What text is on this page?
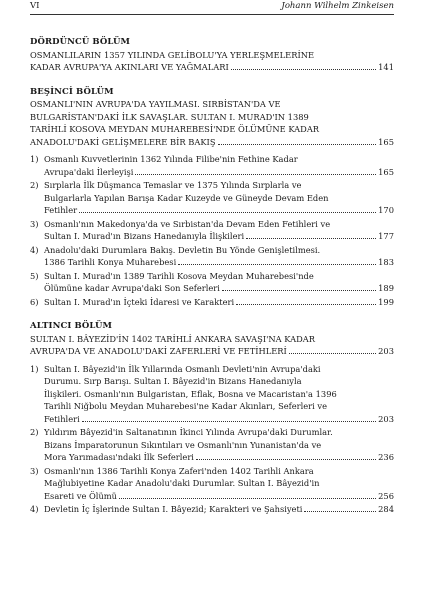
VI	Johann Wilhelm Zinkeisen
DÖRDÜNCÜ BÖLÜM
OSMANLILARIN 1357 YILINDA GELİBOLU'YA YERLEŞMELERİNE
KADAR AVRUPA'YA AKINLARI VE YAĞMALARI	141
BEŞİNCİ BÖLÜM
OSMANLI'NIN AVRUPA'DA YAYILMASI. SIRBİSTAN'DA VE
BULGARİSTAN'DAKİ İLK SAVAŞLAR. SULTAN I. MURAD'IN 1389
TARİHLİ KOSOVA MEYDAN MUHAREBESİ'NDE ÖLÜMÜNE KADAR
ANADOLU'DAKİ GELİŞMELERE BİR BAKIŞ	165
1) Osmanlı Kuvvetlerinin 1362 Yılında Filibe'nin Fethine Kadar
Avrupa'daki İlerleyişi	165
2) Sırplarla İlk Düşmanca Temaslar ve 1375 Yılında Sırplarla ve
Bulgarlarla Yapılan Barışa Kadar Kuzeyde ve Güneyde Devam Eden
Fetihler	170
3) Osmanlı'nın Makedonya'da ve Sırbistan'da Devam Eden Fetihleri ve
Sultan I. Murad'ın Bizans Hanedanıyla İlişkileri	177
4) Anadolu'daki Durumlara Bakış. Devletin Bu Yönde Genişletilmesi.
1386 Tarihli Konya Muharebesi	183
5) Sultan I. Murad'ın 1389 Tarihli Kosova Meydan Muharebesi'nde
Ölümüne kadar Avrupa'daki Son Seferleri	189
6) Sultan I. Murad'ın İçteki İdaresi ve Karakteri	199
ALTINCI BÖLÜM
SULTAN I. BÂYEZİD'İN 1402 TARİHLİ ANKARA SAVAŞI'NA KADAR
AVRUPA'DA VE ANADOLU'DAKİ ZAFERLERİ VE FETİHLERİ	203
1) Sultan I. Bâyezid'in İlk Yıllarında Osmanlı Devleti'nin Avrupa'daki
Durumu. Sırp Barışı. Sultan I. Bâyezid'in Bizans Hanedanıyla
İlişkileri. Osmanlı'nın Bulgaristan, Eflak, Bosna ve Macaristan'a 1396
Tarihli Niğbolu Meydan Muharebesi'ne Kadar Akınları, Seferleri ve
Fetihleri	203
2) Yıldırım Bâyezid'in Saltanatının İkinci Yılında Avrupa'daki Durumlar.
Bizans İmparatorunun Sıkıntıları ve Osmanlı'nın Yunanistan'da ve
Mora Yarımadası'ndaki İlk Seferleri	236
3) Osmanlı'nın 1386 Tarihli Konya Zaferi'nden 1402 Tarihli Ankara
Mağlubiyetine Kadar Anadolu'daki Durumlar. Sultan I. Bâyezid'in
Esareti ve Ölümü	256
4) Devletin İç İşlerinde Sultan I. Bâyezid; Karakteri ve Şahsiyeti	284
